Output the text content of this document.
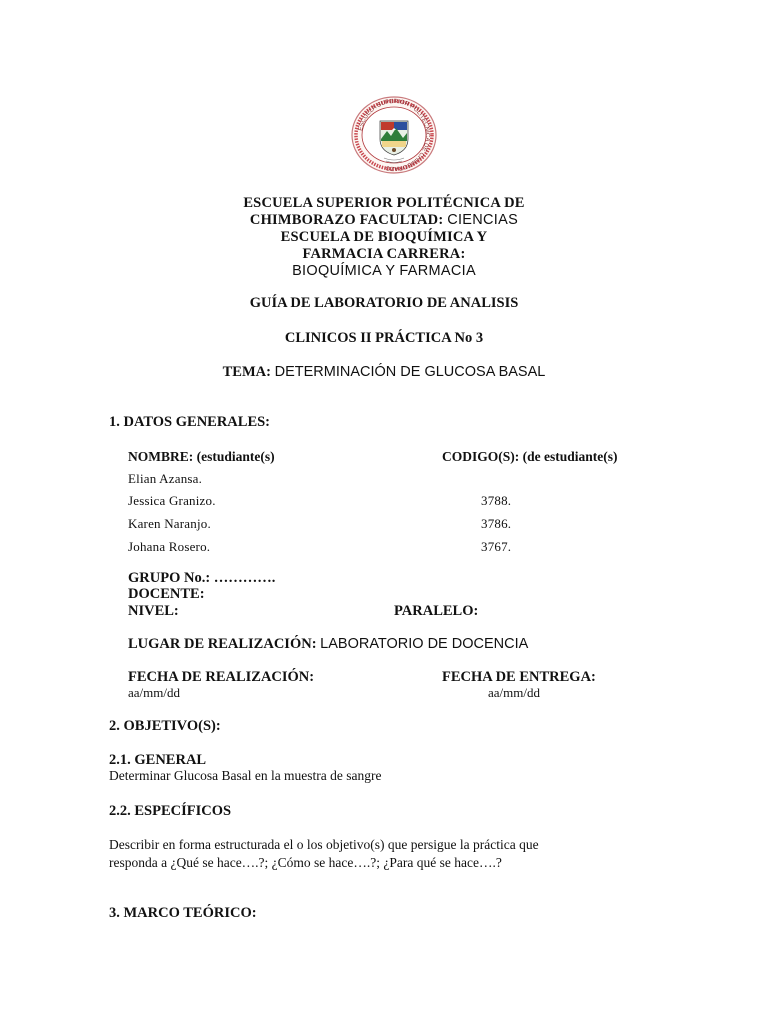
ESCUELA SUPERIOR POLITÉCNICA DE CHIMBORAZO
ESCUELA SUPERIOR POLITÉCNICA DE
CHIMBORAZO FACULTAD: CIENCIAS
ESCUELA DE BIOQUÍMICA Y
FARMACIA CARRERA:
BIOQUÍMICA Y FARMACIA
GUÍA DE LABORATORIO DE ANALISIS
CLINICOS II PRÁCTICA No 3
TEMA: DETERMINACIÓN DE GLUCOSA BASAL
1. DATOS GENERALES:
NOMBRE: (estudiante(s)	CODIGO(S): (de estudiante(s)
Elian Azansa.
Jessica Granizo.	3788.
Karen Naranjo.	3786.
Johana Rosero.	3767.
GRUPO No.: ………….
DOCENTE:
NIVEL:	PARALELO:
LUGAR DE REALIZACIÓN: LABORATORIO DE DOCENCIA
FECHA DE REALIZACIÓN:
aa/mm/dd
FECHA DE ENTREGA:
aa/mm/dd
2. OBJETIVO(S):
2.1. GENERAL
Determinar Glucosa Basal en la muestra de sangre
2.2. ESPECÍFICOS
Describir en forma estructurada el o los objetivo(s) que persigue la práctica que
responda a ¿Qué se hace….?; ¿Cómo se hace….?; ¿Para qué se hace….?
3. MARCO TEÓRICO:
